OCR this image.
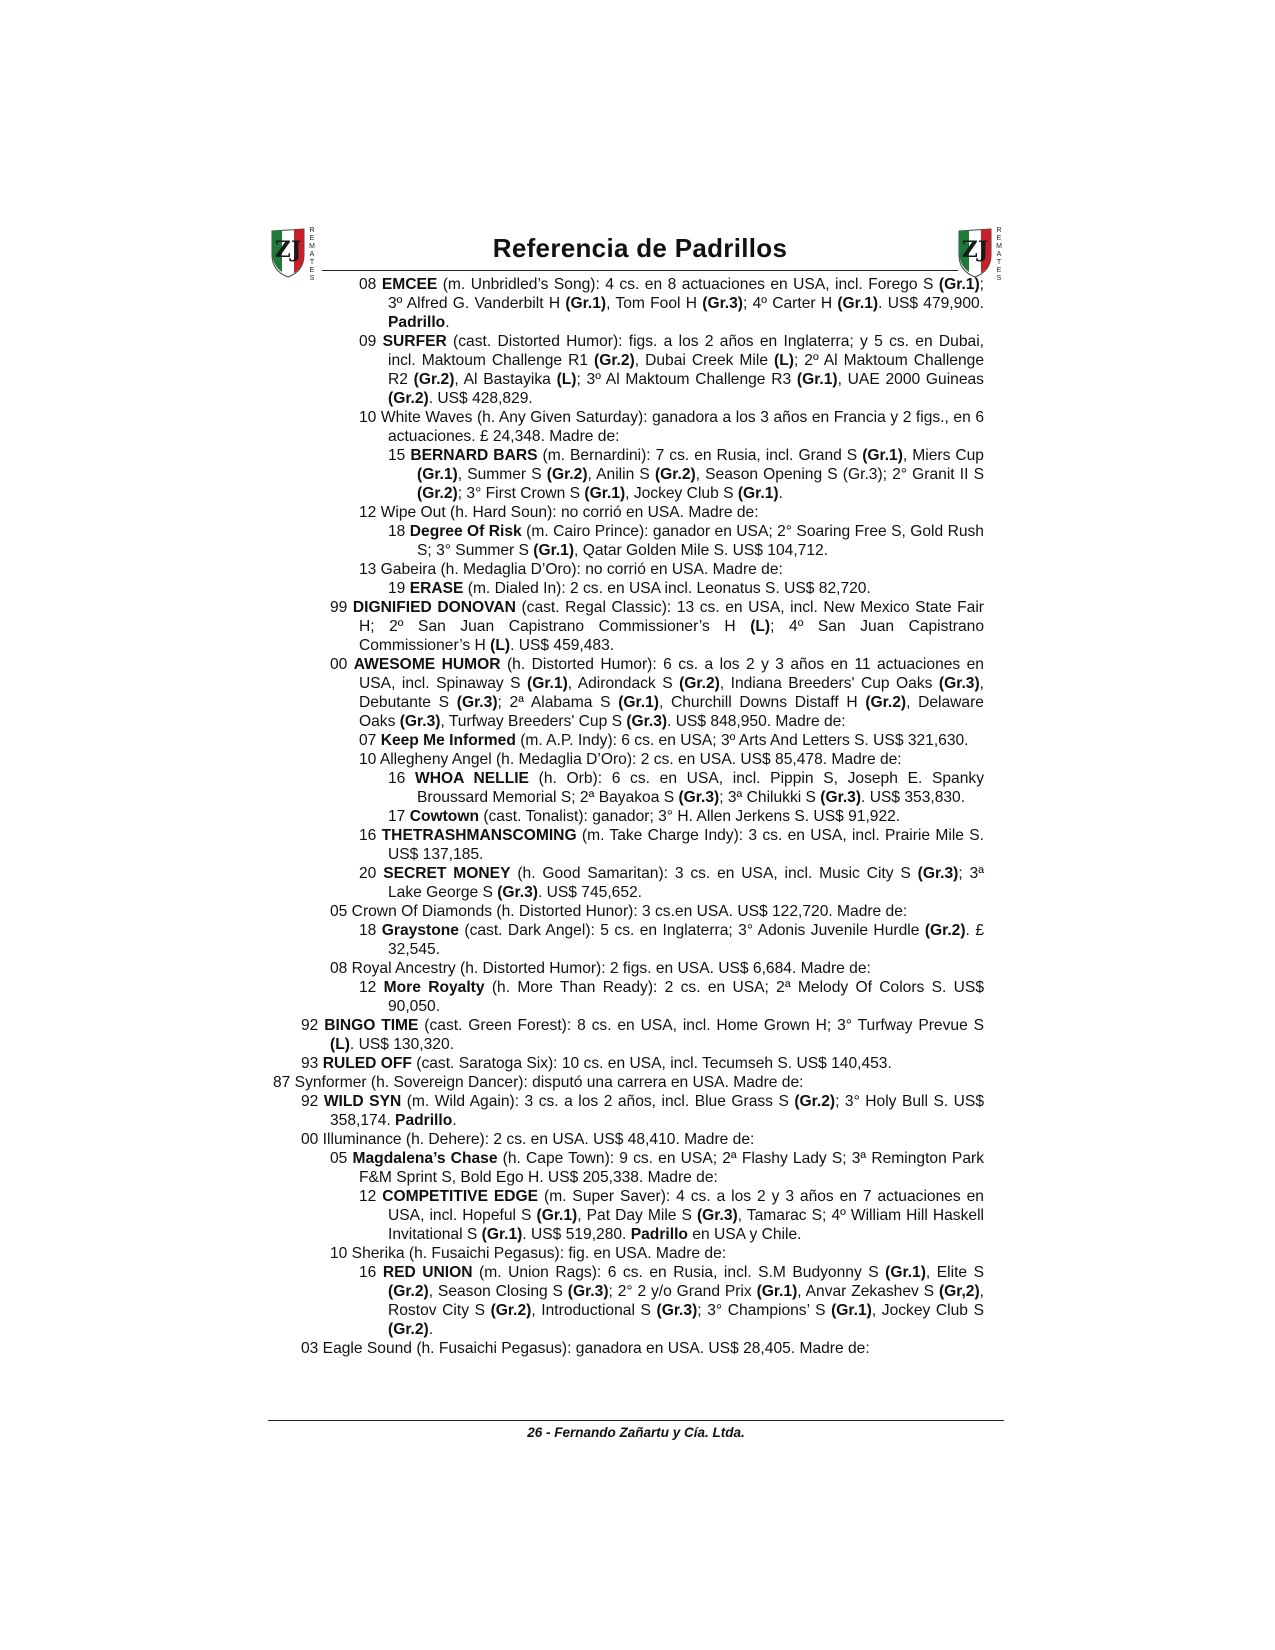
ZJ
R
E
M
A
T
E
S
Referencia de Padrillos	ZJ
R
E
M
A
T
E
S
08 EMCEE (m. Unbridled’s Song): 4 cs. en 8 actuaciones en USA, incl. Forego S (Gr.1); 3º Alfred G. Vanderbilt H (Gr.1), Tom Fool H (Gr.3); 4º Carter H (Gr.1). US$ 479,900. Padrillo.
09 SURFER (cast. Distorted Humor): figs. a los 2 años en Inglaterra; y 5 cs. en Dubai, incl. Maktoum Challenge R1 (Gr.2), Dubai Creek Mile (L); 2º Al Maktoum Challenge R2 (Gr.2), Al Bastayika (L); 3º Al Maktoum Challenge R3 (Gr.1), UAE 2000 Guineas (Gr.2). US$ 428,829.
10 White Waves (h. Any Given Saturday): ganadora a los 3 años en Francia y 2 figs., en 6 actuaciones. £ 24,348. Madre de:
15 BERNARD BARS (m. Bernardini): 7 cs. en Rusia, incl. Grand S (Gr.1), Miers Cup (Gr.1), Summer S (Gr.2), Anilin S (Gr.2), Season Opening S (Gr.3); 2° Granit II S (Gr.2); 3° First Crown S (Gr.1), Jockey Club S (Gr.1).
12 Wipe Out (h. Hard Soun): no corrió en USA. Madre de:
18 Degree Of Risk (m. Cairo Prince): ganador en USA; 2° Soaring Free S, Gold Rush S; 3° Summer S (Gr.1), Qatar Golden Mile S. US$ 104,712.
13 Gabeira (h. Medaglia D’Oro): no corrió en USA. Madre de:
19 ERASE (m. Dialed In): 2 cs. en USA incl. Leonatus S. US$ 82,720.
99 DIGNIFIED DONOVAN (cast. Regal Classic): 13 cs. en USA, incl. New Mexico State Fair H; 2º San Juan Capistrano Commissioner’s H (L); 4º San Juan Capistrano Commissioner’s H (L). US$ 459,483.
00 AWESOME HUMOR (h. Distorted Humor): 6 cs. a los 2 y 3 años en 11 actuaciones en USA, incl. Spinaway S (Gr.1), Adirondack S (Gr.2), Indiana Breeders' Cup Oaks (Gr.3), Debutante S (Gr.3); 2ª Alabama S (Gr.1), Churchill Downs Distaff H (Gr.2), Delaware Oaks (Gr.3), Turfway Breeders' Cup S (Gr.3). US$ 848,950. Madre de:
07 Keep Me Informed (m. A.P. Indy): 6 cs. en USA; 3º Arts And Letters S. US$ 321,630.
10 Allegheny Angel (h. Medaglia D’Oro): 2 cs. en USA. US$ 85,478. Madre de:
16 WHOA NELLIE (h. Orb): 6 cs. en USA, incl. Pippin S, Joseph E. Spanky Broussard Memorial S; 2ª Bayakoa S (Gr.3); 3ª Chilukki S (Gr.3). US$ 353,830.
17 Cowtown (cast. Tonalist): ganador; 3° H. Allen Jerkens S. US$ 91,922.
16 THETRASHMANSCOMING (m. Take Charge Indy): 3 cs. en USA, incl. Prairie Mile S. US$ 137,185.
20 SECRET MONEY (h. Good Samaritan): 3 cs. en USA, incl. Music City S (Gr.3); 3ª Lake George S (Gr.3). US$ 745,652.
05 Crown Of Diamonds (h. Distorted Hunor): 3 cs.en USA. US$ 122,720. Madre de:
18 Graystone (cast. Dark Angel): 5 cs. en Inglaterra; 3° Adonis Juvenile Hurdle (Gr.2). £ 32,545.
08 Royal Ancestry (h. Distorted Humor): 2 figs. en USA. US$ 6,684. Madre de:
12 More Royalty (h. More Than Ready): 2 cs. en USA; 2ª Melody Of Colors S. US$ 90,050.
92 BINGO TIME (cast. Green Forest): 8 cs. en USA, incl. Home Grown H; 3° Turfway Prevue S (L). US$ 130,320.
93 RULED OFF (cast. Saratoga Six): 10 cs. en USA, incl. Tecumseh S. US$ 140,453.
87 Synformer (h. Sovereign Dancer): disputó una carrera en USA. Madre de:
92 WILD SYN (m. Wild Again): 3 cs. a los 2 años, incl. Blue Grass S (Gr.2); 3° Holy Bull S. US$ 358,174. Padrillo.
00 Illuminance (h. Dehere): 2 cs. en USA. US$ 48,410. Madre de:
05 Magdalena’s Chase (h. Cape Town): 9 cs. en USA; 2ª Flashy Lady S; 3ª Remington Park F&M Sprint S, Bold Ego H. US$ 205,338. Madre de:
12 COMPETITIVE EDGE (m. Super Saver): 4 cs. a los 2 y 3 años en 7 actuaciones en USA, incl. Hopeful S (Gr.1), Pat Day Mile S (Gr.3), Tamarac S; 4º William Hill Haskell Invitational S (Gr.1). US$ 519,280. Padrillo en USA y Chile.
10 Sherika (h. Fusaichi Pegasus): fig. en USA. Madre de:
16 RED UNION (m. Union Rags): 6 cs. en Rusia, incl. S.M Budyonny S (Gr.1), Elite S (Gr.2), Season Closing S (Gr.3); 2° 2 y/o Grand Prix (Gr.1), Anvar Zekashev S (Gr,2), Rostov City S (Gr.2), Introductional S (Gr.3); 3° Champions’ S (Gr.1), Jockey Club S (Gr.2).
03 Eagle Sound (h. Fusaichi Pegasus): ganadora en USA. US$ 28,405. Madre de:
26 - Fernando Zañartu y Cía. Ltda.
